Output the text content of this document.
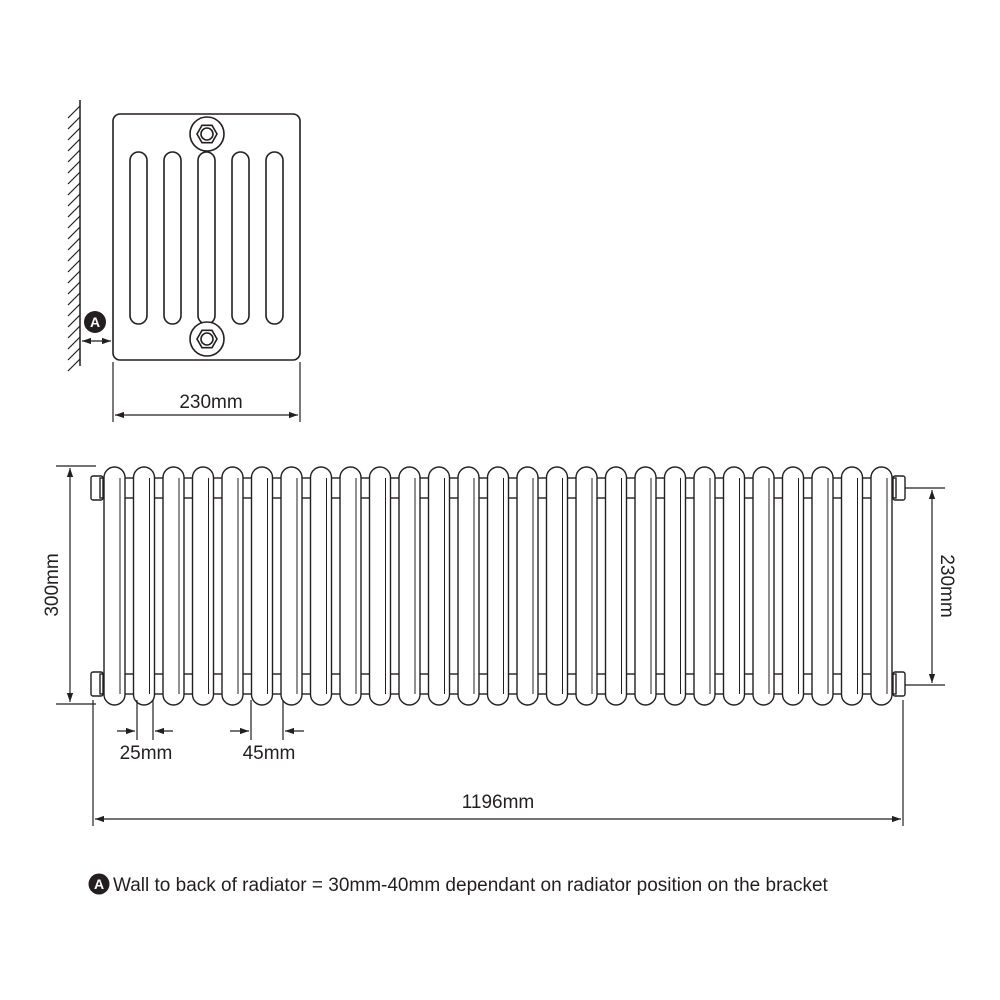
A
230mm
300mm	230mm
25mm	45mm
1196mm
A Wall to back of radiator = 30mm-40mm dependant on radiator position on the bracket
